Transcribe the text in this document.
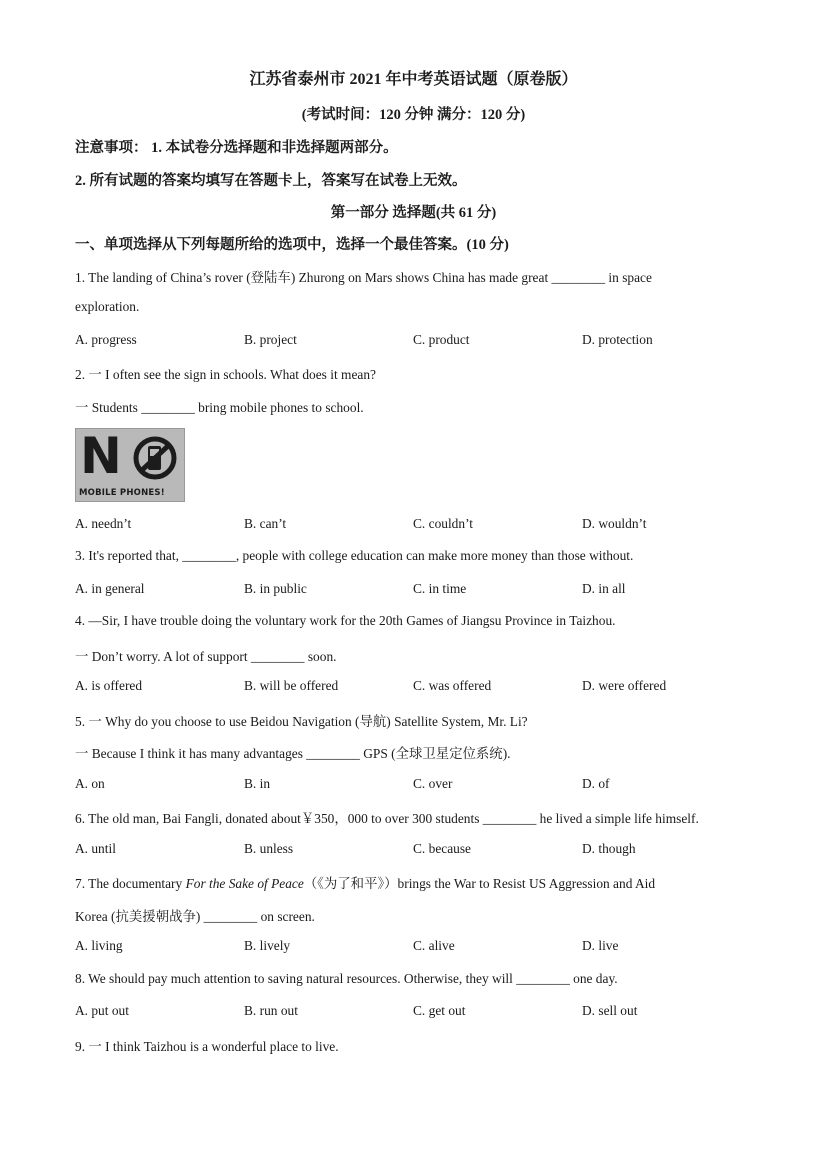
江苏省泰州市 2021 年中考英语试题（原卷版）
(考试时间：120 分钟 满分：120 分)
注意事项： 1. 本试卷分选择题和非选择题两部分。
2. 所有试题的答案均填写在答题卡上，答案写在试卷上无效。
第一部分 选择题(共 61 分)
一、单项选择从下列每题所给的选项中，选择一个最佳答案。(10 分)
1. The landing of China’s rover (登陆车) Zhurong on Mars shows China has made great ________ in space
exploration.
A. progress	B. project	C. product	D. protection
2. 一 I often see the sign in schools. What does it mean?
一 Students ________ bring mobile phones to school.
N
MOBILE PHONES!
A. needn’t	B. can’t	C. couldn’t	D. wouldn’t
3. It's reported that, ________, people with college education can make more money than those without.
A. in general	B. in public	C. in time	D. in all
4. —Sir, I have trouble doing the voluntary work for the 20th Games of Jiangsu Province in Taizhou.
一 Don’t worry. A lot of support ________ soon.
A. is offered	B. will be offered	C. was offered	D. were offered
5. 一 Why do you choose to use Beidou Navigation (导航) Satellite System, Mr. Li?
一 Because I think it has many advantages ________ GPS (全球卫星定位系统).
A. on	B. in	C. over	D. of
6. The old man, Bai Fangli, donated about￥350，000 to over 300 students ________ he lived a simple life himself.
A. until	B. unless	C. because	D. though
7. The documentary For the Sake of Peace（《为了和平》）brings the War to Resist US Aggression and Aid
Korea (抗美援朝战争) ________ on screen.
A. living	B. lively	C. alive	D. live
8. We should pay much attention to saving natural resources. Otherwise, they will ________ one day.
A. put out	B. run out	C. get out	D. sell out
9. 一 I think Taizhou is a wonderful place to live.
